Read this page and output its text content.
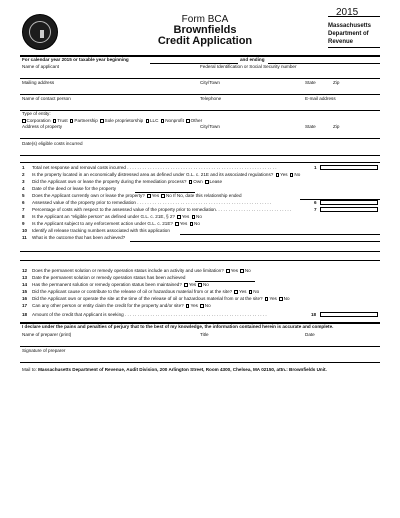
Form BCA
Brownfields
Credit Application
2015
Massachusetts
Department of
Revenue
For calendar year 2015 or taxable year beginning	and ending
Name of applicant	Federal Identification or Social Security number
Mailing address	City/Town	State	Zip
Name of contact person	Telephone	E-mail address
Type of entity:
Corporation Trust Partnership Sole proprietorship LLC Nonprofit Other
Address of property	City/Town	State	Zip
Date(s) eligible costs incurred
1	Total net response and removal costs incurred . . . . . . . . . . . . . . . . . . . . . . . . . . . . . . . . . . . . . . . . . . . . . . . . . . . . . . . . . . .	1
2	Is the property located in an economically distressed area as defined under G.L. c. 21E and its associated regulations? Yes No
3	Did the Applicant own or lease the property during the remediation process? Own Lease
4	Date of the deed or lease for the property
5	Does the Applicant currently own or lease the property? Yes No If No, date this relationship ended
6	Assessed value of the property prior to remediation . . . . . . . . . . . . . . . . . . . . . . . . . . . . . . . . . . . . . . . . . . . . . . . . . . . . .	6
7	Percentage of costs with respect to the assessed value of the property prior to remediation. . . . . . . . . . . . . . . . . . . . . . . . . . . . . .	7
8	Is the Applicant an "eligible person" as defined under G.L. c. 21E, § 2? Yes No
9	Is the Applicant subject to any enforcement action under G.L. c. 21E? Yes No
10	Identify all release tracking numbers associated with this application
11	What is the outcome that has been achieved?
12	Does the permanent solution or remedy operation status include an activity and use limitation? Yes No
13	Date the permanent solution or remedy operation status has been achieved
14	Has the permanent solution or remedy operation status been maintained? Yes No
15	Did the Applicant cause or contribute to the release of oil or hazardous material from or at the site? Yes No
16	Did the Applicant own or operate the site at the time of the release of oil or hazardous material from or at the site? Yes No
17	Can any other person or entity claim the credit for the property and/or site? Yes No
18	Amount of the credit that Applicant is seeking . . . . . . . . . . . . . . . . . . . . . . . . . . . . . . . . . . . . . . . . . . . . . . . . . . . . . . . .	18
I declare under the pains and penalties of perjury that to the best of my knowledge, the information contained herein is accurate and complete.
Name of preparer (print)	Title	Date
Signature of preparer
Mail to: Massachusetts Department of Revenue, Audit Division, 200 Arlington Street, Room 4300, Chelsea, MA 02150, attn.: Brownfields Unit.
